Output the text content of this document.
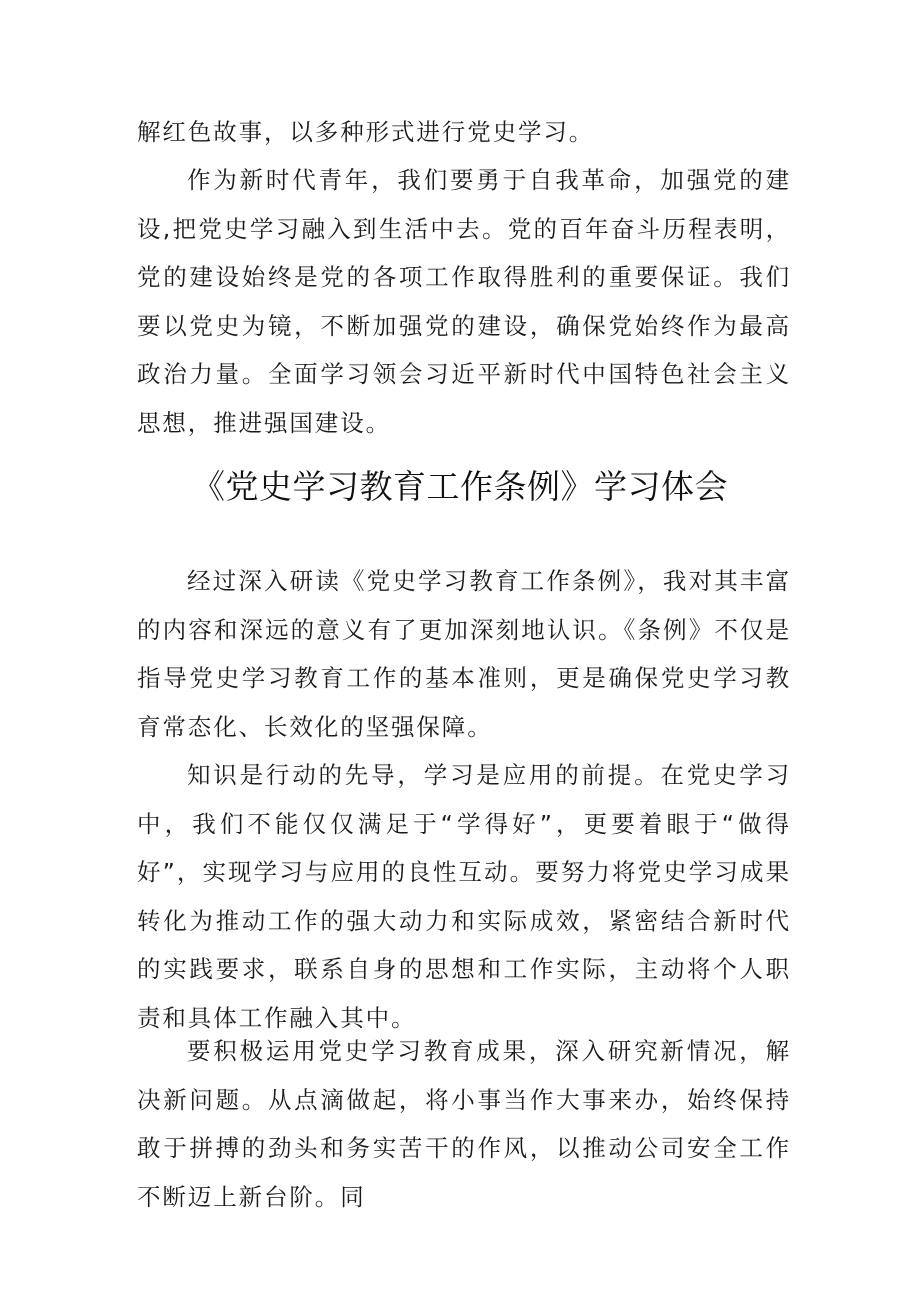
解红色故事，以多种形式进行党史学习。

作为新时代青年，我们要勇于自我革命，加强党的建设,把党史学习融入到生活中去。党的百年奋斗历程表明，党的建设始终是党的各项工作取得胜利的重要保证。我们要以党史为镜，不断加强党的建设，确保党始终作为最高政治力量。全面学习领会习近平新时代中国特色社会主义思想，推进强国建设。

《党史学习教育工作条例》学习体会

经过深入研读《党史学习教育工作条例》，我对其丰富的内容和深远的意义有了更加深刻地认识。《条例》不仅是指导党史学习教育工作的基本准则，更是确保党史学习教育常态化、长效化的坚强保障。

知识是行动的先导，学习是应用的前提。在党史学习中，我们不能仅仅满足于“学得好”，更要着眼于“做得好”，实现学习与应用的良性互动。要努力将党史学习成果转化为推动工作的强大动力和实际成效，紧密结合新时代的实践要求，联系自身的思想和工作实际，主动将个人职责和具体工作融入其中。

要积极运用党史学习教育成果，深入研究新情况，解决新问题。从点滴做起，将小事当作大事来办，始终保持敢于拼搏的劲头和务实苦干的作风，以推动公司安全工作不断迈上新台阶。同
